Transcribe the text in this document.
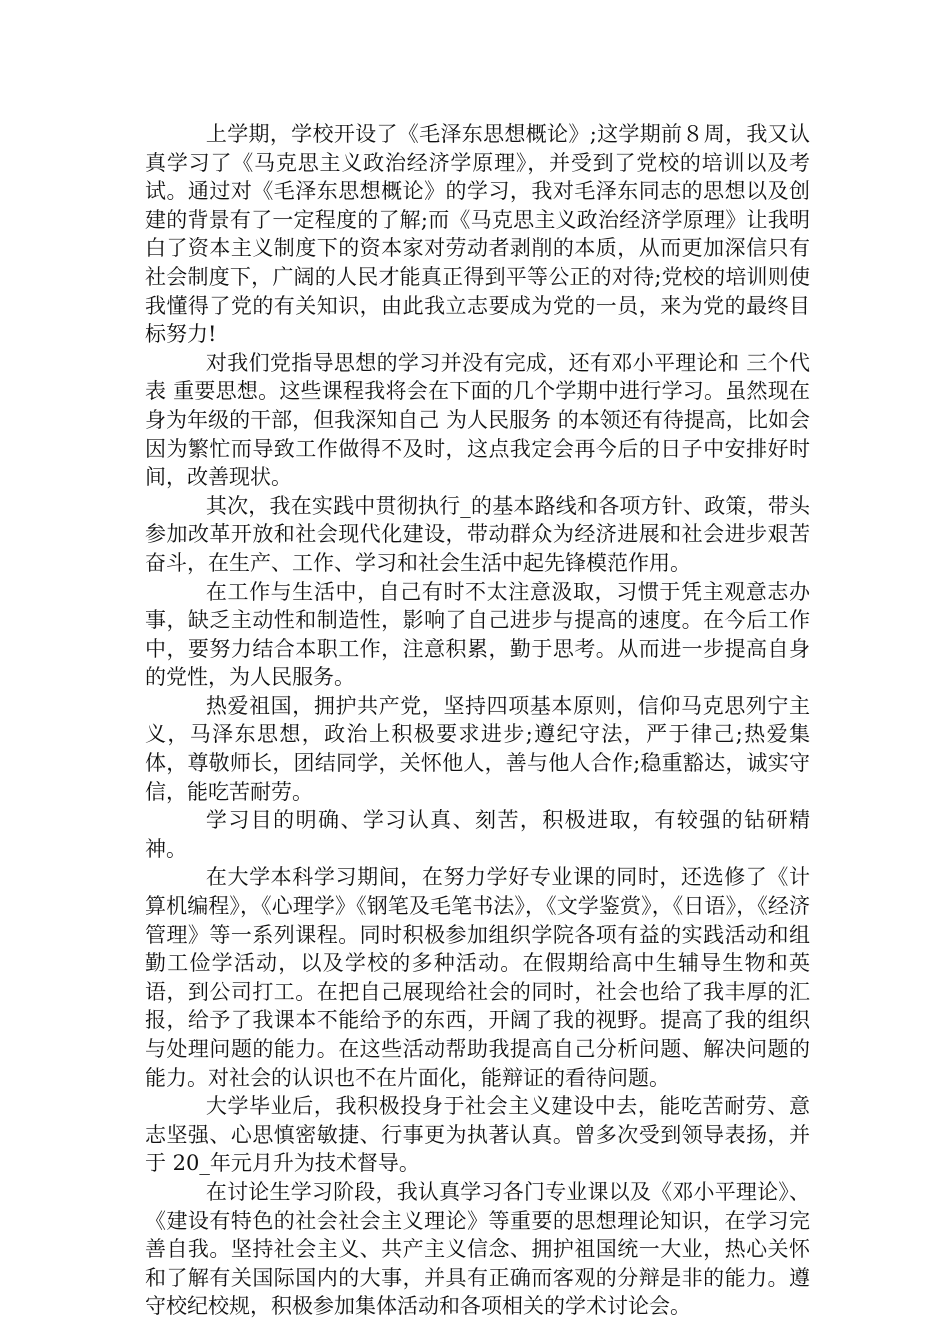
上学期，学校开设了《毛泽东思想概论》;这学期前８周，我又认真学习了《马克思主义政治经济学原理》，并受到了党校的培训以及考试。通过对《毛泽东思想概论》的学习，我对毛泽东同志的思想以及创建的背景有了一定程度的了解;而《马克思主义政治经济学原理》让我明白了资本主义制度下的资本家对劳动者剥削的本质，从而更加深信只有社会制度下，广阔的人民才能真正得到平等公正的对待;党校的培训则使我懂得了党的有关知识，由此我立志要成为党的一员，来为党的最终目标努力!

对我们党指导思想的学习并没有完成，还有邓小平理论和 三个代表 重要思想。这些课程我将会在下面的几个学期中进行学习。虽然现在身为年级的干部，但我深知自己 为人民服务 的本领还有待提高，比如会因为繁忙而导致工作做得不及时，这点我定会再今后的日子中安排好时间，改善现状。

其次，我在实践中贯彻执行_的基本路线和各项方针、政策，带头参加改革开放和社会现代化建设，带动群众为经济进展和社会进步艰苦奋斗，在生产、工作、学习和社会生活中起先锋模范作用。

在工作与生活中，自己有时不太注意汲取，习惯于凭主观意志办事，缺乏主动性和制造性，影响了自己进步与提高的速度。在今后工作中，要努力结合本职工作，注意积累，勤于思考。从而进一步提高自身的党性，为人民服务。

热爱祖国，拥护共产党，坚持四项基本原则，信仰马克思列宁主义，马泽东思想，政治上积极要求进步;遵纪守法，严于律己;热爱集体，尊敬师长，团结同学，关怀他人，善与他人合作;稳重豁达，诚实守信，能吃苦耐劳。

学习目的明确、学习认真、刻苦，积极进取，有较强的钻研精神。

在大学本科学习期间，在努力学好专业课的同时，还选修了《计算机编程》，《心理学》《钢笔及毛笔书法》，《文学鉴赏》，《日语》，《经济管理》等一系列课程。同时积极参加组织学院各项有益的实践活动和组勤工俭学活动，以及学校的多种活动。在假期给高中生辅导生物和英语，到公司打工。在把自己展现给社会的同时，社会也给了我丰厚的汇报，给予了我课本不能给予的东西，开阔了我的视野。提高了我的组织与处理问题的能力。在这些活动帮助我提高自己分析问题、解决问题的能力。对社会的认识也不在片面化，能辩证的看待问题。

大学毕业后，我积极投身于社会主义建设中去，能吃苦耐劳、意志坚强、心思慎密敏捷、行事更为执著认真。曾多次受到领导表扬，并于 20_年元月升为技术督导。

在讨论生学习阶段，我认真学习各门专业课以及《邓小平理论》、《建设有特色的社会社会主义理论》等重要的思想理论知识，在学习完善自我。坚持社会主义、共产主义信念、拥护祖国统一大业，热心关怀和了解有关国际国内的大事，并具有正确而客观的分辩是非的能力。遵守校纪校规，积极参加集体活动和各项相关的学术讨论会。
